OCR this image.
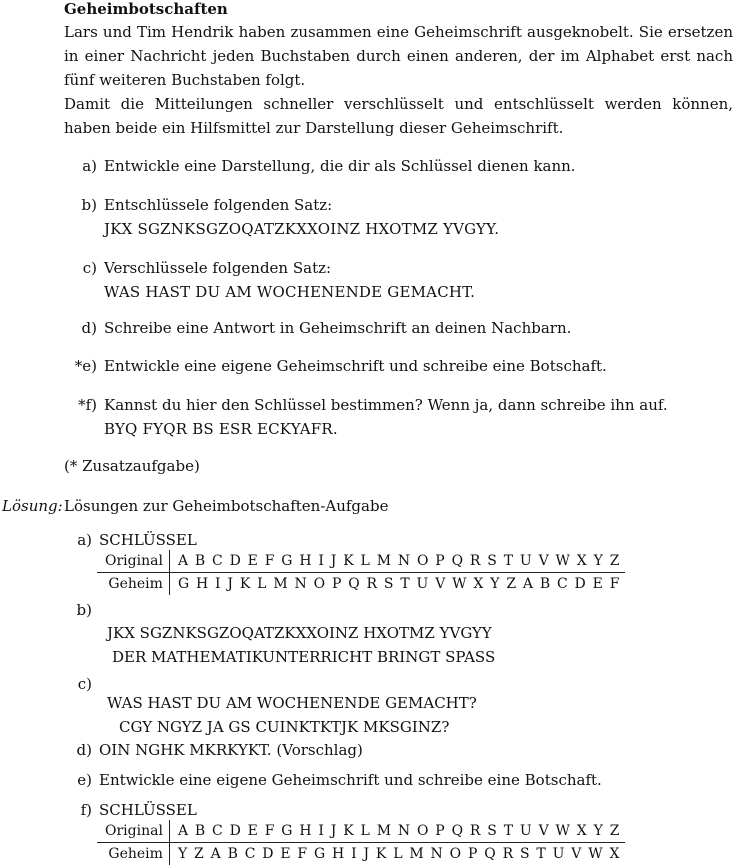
Geheimbotschaften

Lars und Tim Hendrik haben zusammen eine Geheimschrift ausgeknobelt. Sie ersetzen in einer Nachricht jeden Buchstaben durch einen anderen, der im Alphabet erst nach fünf weiteren Buchstaben folgt.

Damit die Mitteilungen schneller verschlüsselt und entschlüsselt werden können, haben beide ein Hilfsmittel zur Darstellung dieser Geheimschrift.

a) Entwickle eine Darstellung, die dir als Schlüssel dienen kann.
b) Entschlüssele folgenden Satz:
JKX SGZNKSGZOQATZKXXOINZ HXOTMZ YVGYY.
c) Verschlüssele folgenden Satz:
WAS HAST DU AM WOCHENENDE GEMACHT.
d) Schreibe eine Antwort in Geheimschrift an deinen Nachbarn.
*e) Entwickle eine eigene Geheimschrift und schreibe eine Botschaft.
*f) Kannst du hier den Schlüssel bestimmen? Wenn ja, dann schreibe ihn auf.
BYQ FYQR BS ESR ECKYAFR.
(* Zusatzaufgabe)
Lösung: Lösungen zur Geheimbotschaften-Aufgabe
a) SCHLÜSSEL
Original	A B C D E F G H I J K L M N O P Q R S T U V W X Y Z
Geheim	G H I J K L M N O P Q R S T U V W X Y Z A B C D E F
b)
JKX SGZNKSGZOQATZKXXOINZ HXOTMZ YVGYY
DER MATHEMATIKUNTERRICHT BRINGT SPASS
c)
WAS HAST DU AM WOCHENENDE GEMACHT?
CGY NGYZ JA GS CUINKTKTJK MKSGINZ?
d) OIN NGHK MKRKYKT. (Vorschlag)
e) Entwickle eine eigene Geheimschrift und schreibe eine Botschaft.
f) SCHLÜSSEL
Original	A B C D E F G H I J K L M N O P Q R S T U V W X Y Z
Geheim	Y Z A B C D E F G H I J K L M N O P Q R S T U V W X
